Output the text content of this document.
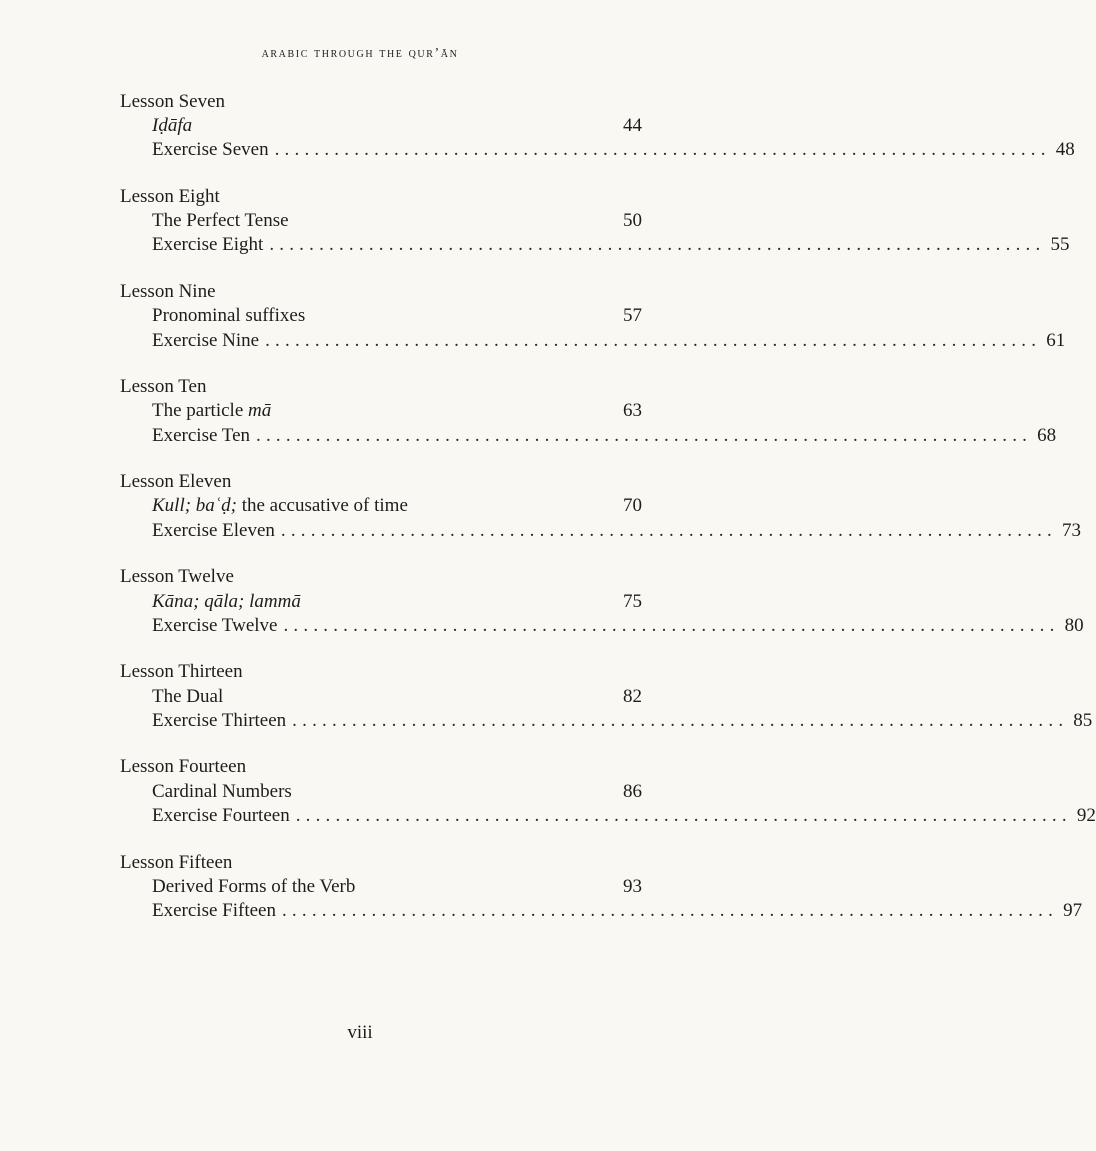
arabic through the qur’ān
Lesson Seven
Iḍāfa	44
Exercise Seven .............................................................................. 48
Lesson Eight
The Perfect Tense	50
Exercise Eight .............................................................................. 55
Lesson Nine
Pronominal suffixes	57
Exercise Nine .............................................................................. 61
Lesson Ten
The particle mā	63
Exercise Ten .............................................................................. 68
Lesson Eleven
Kull; baʿḍ; the accusative of time	70
Exercise Eleven .............................................................................. 73
Lesson Twelve
Kāna; qāla; lammā	75
Exercise Twelve .............................................................................. 80
Lesson Thirteen
The Dual	82
Exercise Thirteen .............................................................................. 85
Lesson Fourteen
Cardinal Numbers	86
Exercise Fourteen .............................................................................. 92
Lesson Fifteen
Derived Forms of the Verb	93
Exercise Fifteen .............................................................................. 97
viii
